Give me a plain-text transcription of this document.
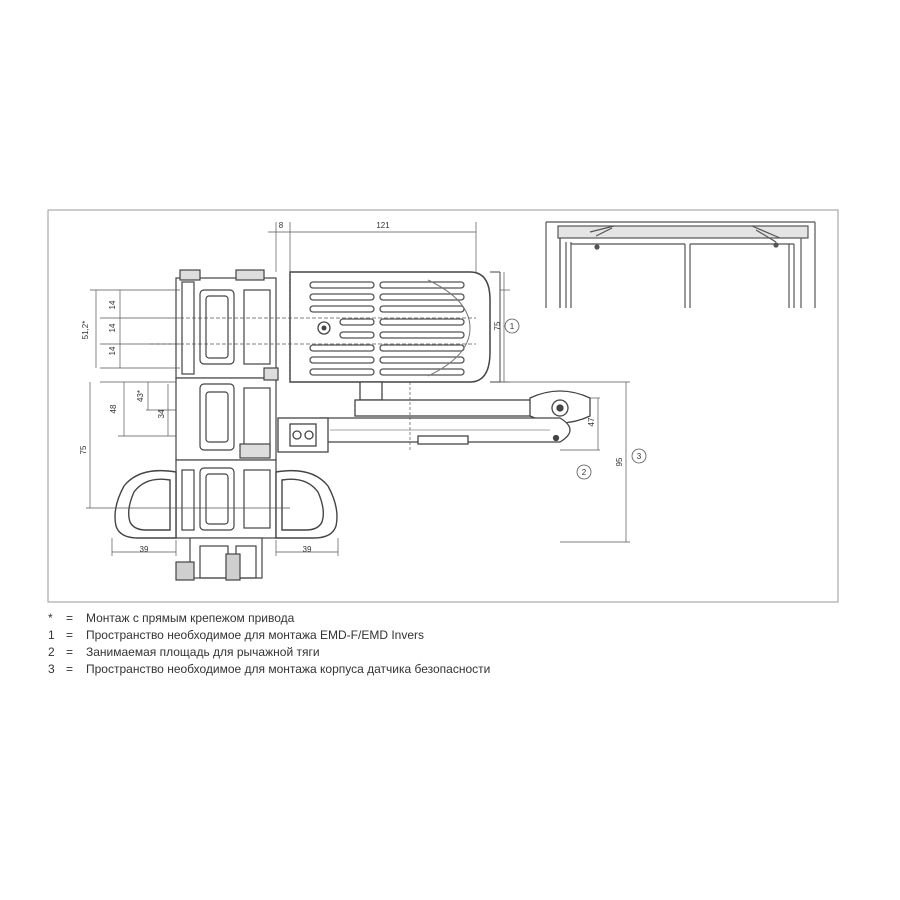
8	121
51,2*
14
14
14
48
43*
34
75
75
47
95
39	39
1
2
3
*	=	Монтаж с прямым крепежом привода
1 =	Пространство необходимое для монтажа EMD-F/EMD Invers
2 =	Занимаемая площадь для рычажной тяги
3 =	Пространство необходимое для монтажа корпуса датчика безопасности
